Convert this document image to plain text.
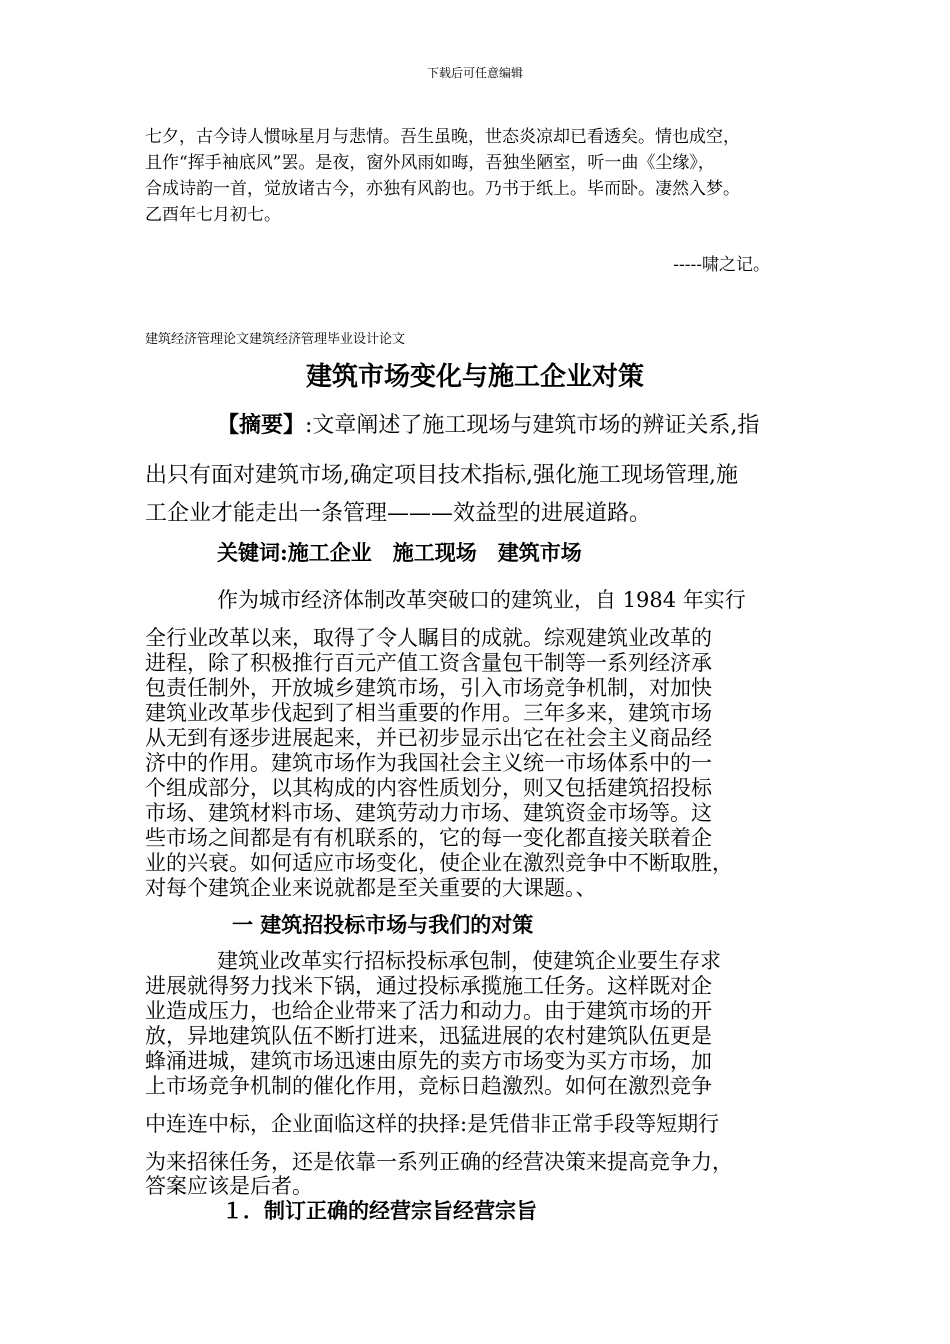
下载后可任意编辑
七夕，古今诗人惯咏星月与悲情。吾生虽晚，世态炎凉却已看透矣。情也成空，
且作“挥手袖底风”罢。是夜，窗外风雨如晦，吾独坐陋室，听一曲《尘缘》，
合成诗韵一首，觉放诸古今，亦独有风韵也。乃书于纸上。毕而卧。凄然入梦。
乙酉年七月初七。
-----啸之记。
建筑经济管理论文建筑经济管理毕业设计论文
建筑市场变化与施工企业对策
【摘要】:文章阐述了施工现场与建筑市场的辨证关系,指
出只有面对建筑市场,确定项目技术指标,强化施工现场管理,施
工企业才能走出一条管理———效益型的进展道路。
关键词:施工企业　施工现场　建筑市场
作为城市经济体制改革突破口的建筑业，自 1984 年实行
全行业改革以来，取得了令人瞩目的成就。综观建筑业改革的
进程，除了积极推行百元产值工资含量包干制等一系列经济承
包责任制外，开放城乡建筑市场，引入市场竞争机制，对加快
建筑业改革步伐起到了相当重要的作用。三年多来，建筑市场
从无到有逐步进展起来，并已初步显示出它在社会主义商品经
济中的作用。建筑市场作为我国社会主义统一市场体系中的一
个组成部分，以其构成的内容性质划分，则又包括建筑招投标
市场、建筑材料市场、建筑劳动力市场、建筑资金市场等。这
些市场之间都是有有机联系的，它的每一变化都直接关联着企
业的兴衰。如何适应市场变化，使企业在激烈竞争中不断取胜，
对每个建筑企业来说就都是至关重要的大课题。、
一 建筑招投标市场与我们的对策
建筑业改革实行招标投标承包制，使建筑企业要生存求
进展就得努力找米下锅，通过投标承揽施工任务。这样既对企
业造成压力，也给企业带来了活力和动力。由于建筑市场的开
放，异地建筑队伍不断打进来，迅猛进展的农村建筑队伍更是
蜂涌进城，建筑市场迅速由原先的卖方市场变为买方市场，加
上市场竞争机制的催化作用，竞标日趋激烈。如何在激烈竞争
中连连中标，企业面临这样的抉择:是凭借非正常手段等短期行
为来招徕任务，还是依靠一系列正确的经营决策来提高竞争力，
答案应该是后者。
１．制订正确的经营宗旨经营宗旨
